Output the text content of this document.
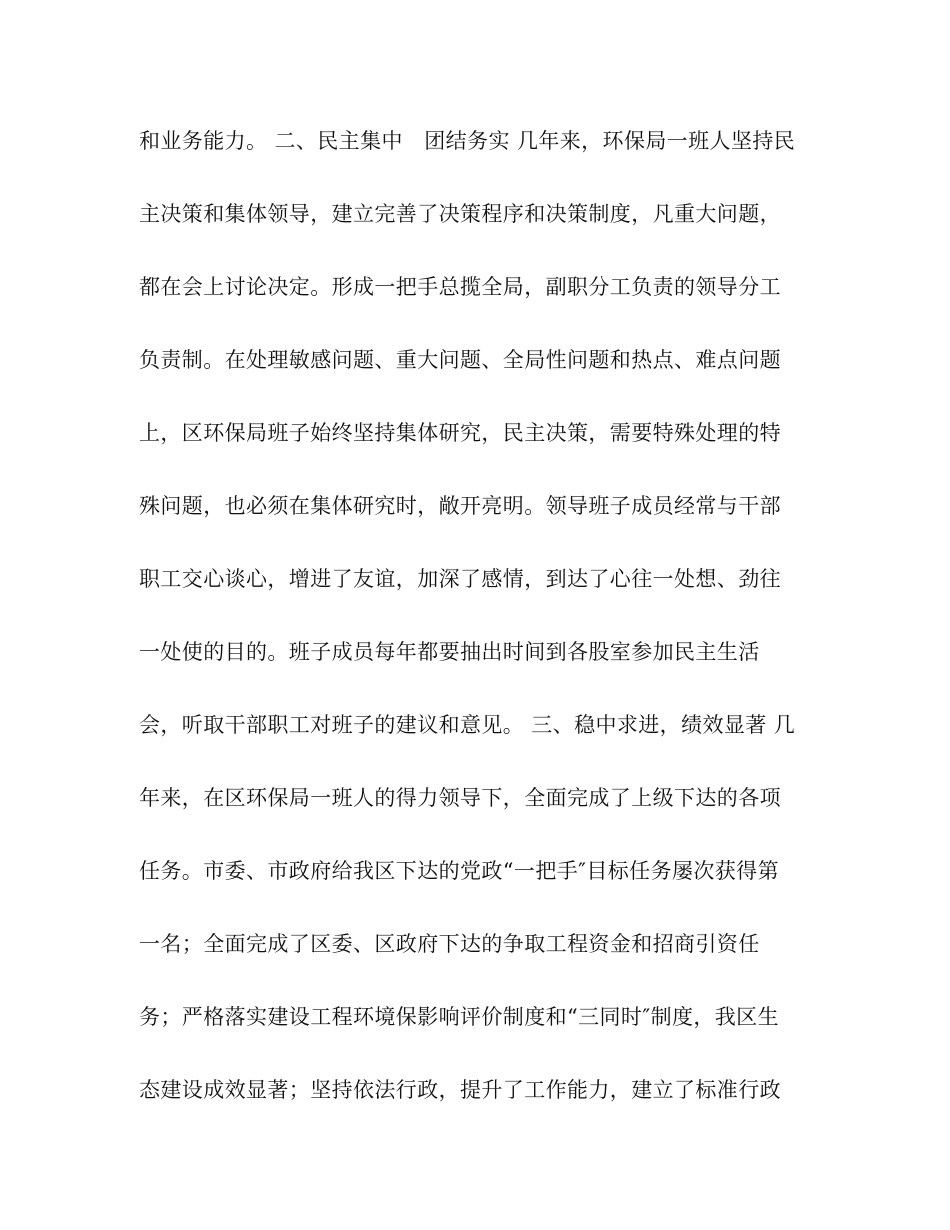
和业务能力。 二、民主集中　团结务实 几年来，环保局一班人坚持民
主决策和集体领导，建立完善了决策程序和决策制度，凡重大问题，
都在会上讨论决定。形成一把手总揽全局，副职分工负责的领导分工
负责制。在处理敏感问题、重大问题、全局性问题和热点、难点问题
上，区环保局班子始终坚持集体研究，民主决策，需要特殊处理的特
殊问题，也必须在集体研究时，敞开亮明。领导班子成员经常与干部
职工交心谈心，增进了友谊，加深了感情，到达了心往一处想、劲往
一处使的目的。班子成员每年都要抽出时间到各股室参加民主生活
会，听取干部职工对班子的建议和意见。 三、稳中求进，绩效显著 几
年来，在区环保局一班人的得力领导下，全面完成了上级下达的各项
任务。市委、市政府给我区下达的党政“一把手″目标任务屡次获得第
一名；全面完成了区委、区政府下达的争取工程资金和招商引资任
务；严格落实建设工程环境保影响评价制度和“三同时″制度，我区生
态建设成效显著；坚持依法行政，提升了工作能力，建立了标准行政
